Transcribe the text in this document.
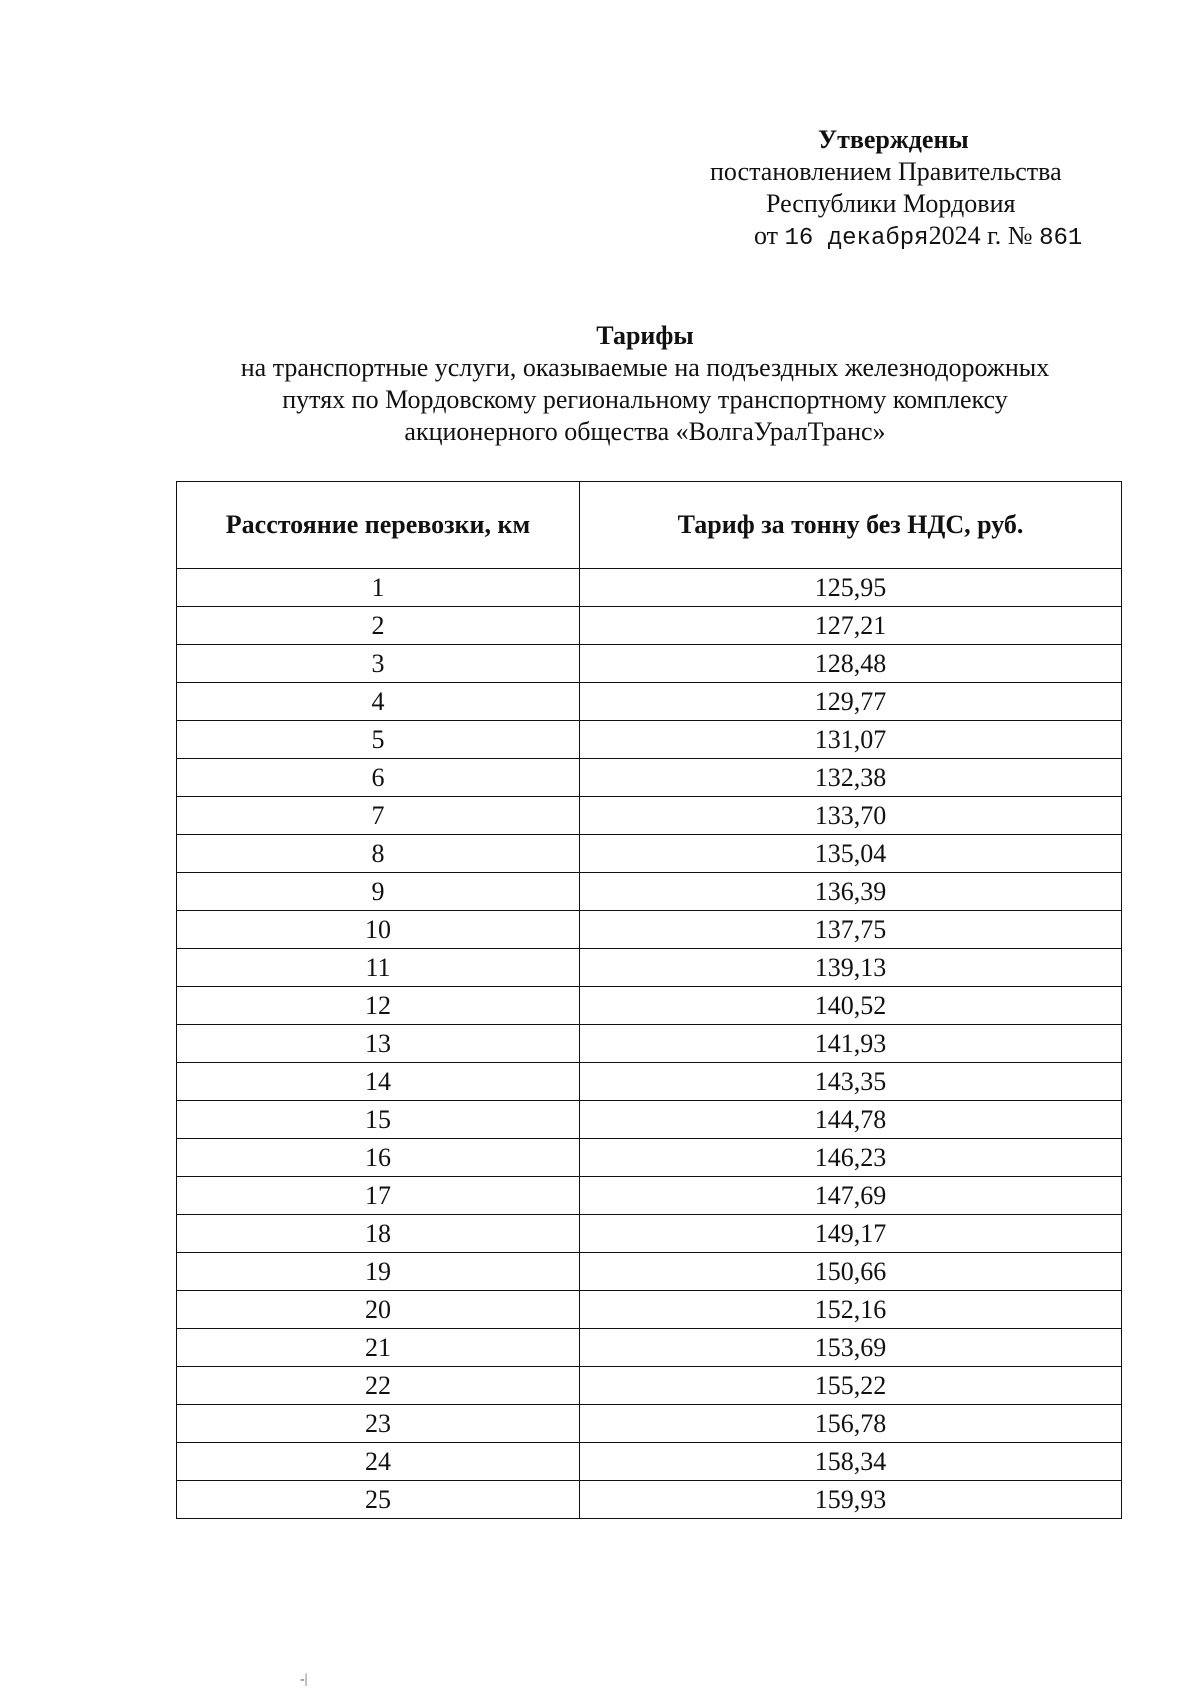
Утверждены
постановлением Правительства
Республики Мордовия
от 16 декабря2024 г. № 861
Тарифы
на транспортные услуги, оказываемые на подъездных железнодорожных путях по Мордовскому региональному транспортному комплексу акционерного общества «ВолгаУралТранс»
Расстояние перевозки, км	Тариф за тонну без НДС, руб.
1	125,95
2	127,21
3	128,48
4	129,77
5	131,07
6	132,38
7	133,70
8	135,04
9	136,39
10	137,75
11	139,13
12	140,52
13	141,93
14	143,35
15	144,78
16	146,23
17	147,69
18	149,17
19	150,66
20	152,16
21	153,69
22	155,22
23	156,78
24	158,34
25	159,93
-|
